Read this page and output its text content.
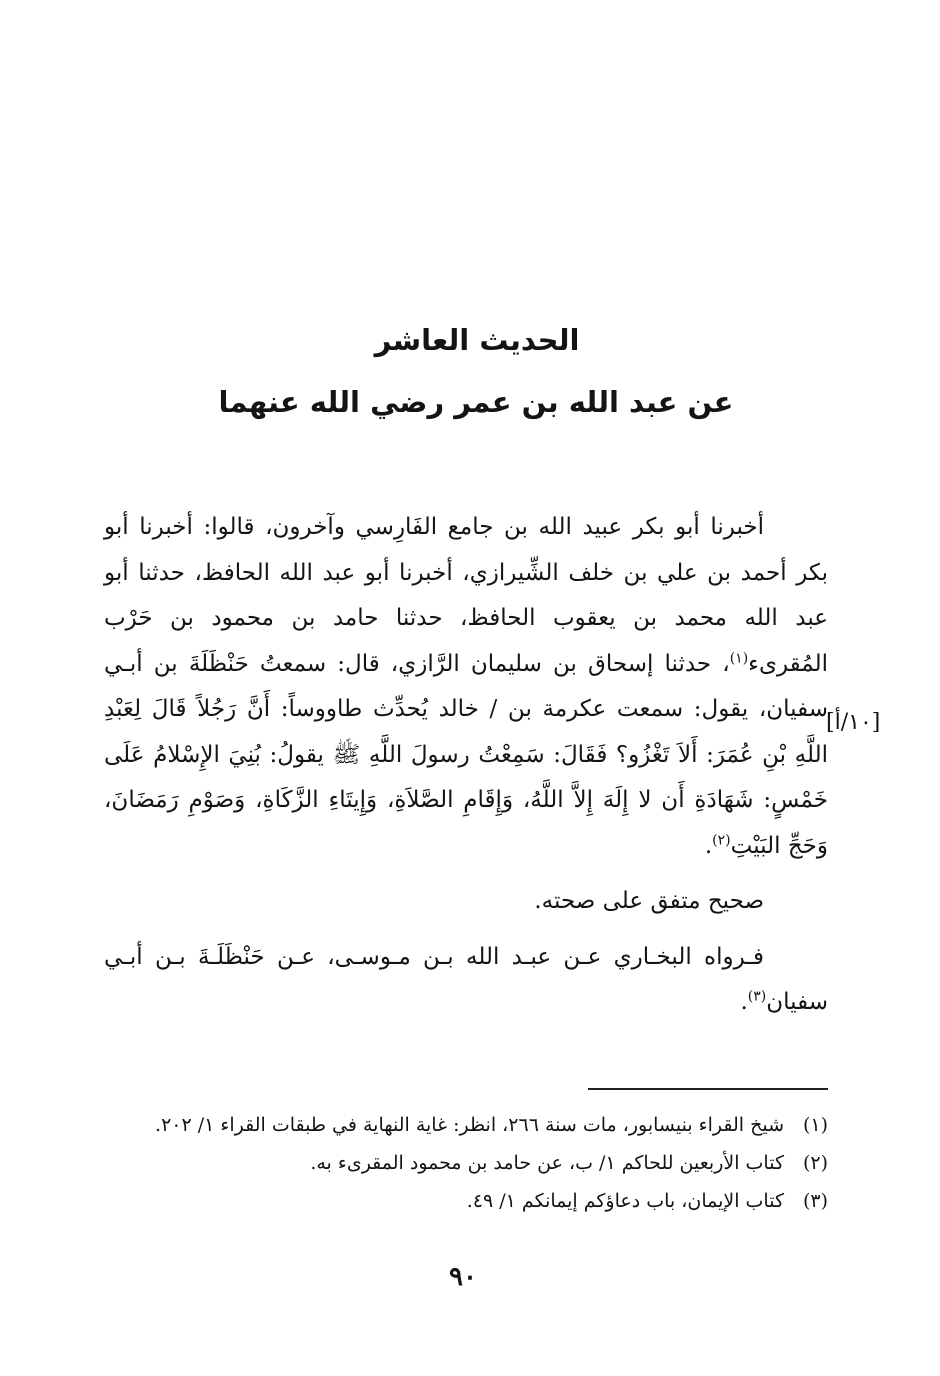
الحديث العاشر
عن عبد الله بن عمر رضي الله عنهما
[١٠/أ]

أخبرنا أبو بكر عبيد الله بن جامع الفَارِسي وآخرون، قالوا: أخبرنا أبو بكر أحمد بن علي بن خلف الشِّيرازي، أخبرنا أبو عبد الله الحافظ، حدثنا أبو عبد الله محمد بن يعقوب الحافظ، حدثنا حامد بن محمود بن حَرْب المُقرىء$^{(١)}$، حدثنا إسحاق بن سليمان الرَّازي، قال: سمعتُ حَنْظَلَةَ بن أبـي سفيان، يقول: سمعت عكرمة بن / خالد يُحدِّث طاووساً: أَنَّ رَجُلاً قَالَ لِعَبْدِ اللَّهِ بْنِ عُمَرَ: أَلاَ تَغْزُو؟ فَقَالَ: سَمِعْتُ رسولَ اللَّهِ ﷺ يقولُ: بُنِيَ الإِسْلامُ عَلَى خَمْسٍ: شَهَادَةِ أَن لا إِلَهَ إِلاَّ اللَّهُ، وَإِقَامِ الصَّلاَةِ، وَإِيتَاءِ الزَّكَاةِ، وَصَوْمِ رَمَضَانَ، وَحَجِّ البَيْتِ$^{(٢)}$.

صحيح متفق على صحته.

فـرواه البخـاري عـن عبـد الله بـن مـوسـى، عـن حَنْظَلَـةَ بـن أبـي سفيان$^{(٣)}$.

(١)
شيخ القراء بنيسابور، مات سنة ٢٦٦، انظر: غاية النهاية في طبقات القراء ١/ ٢٠٢.
(٢)
كتاب الأربعين للحاكم ١/ ب، عن حامد بن محمود المقرىء به.
(٣)
كتاب الإيمان، باب دعاؤكم إيمانكم ١/ ٤٩.
٩٠
